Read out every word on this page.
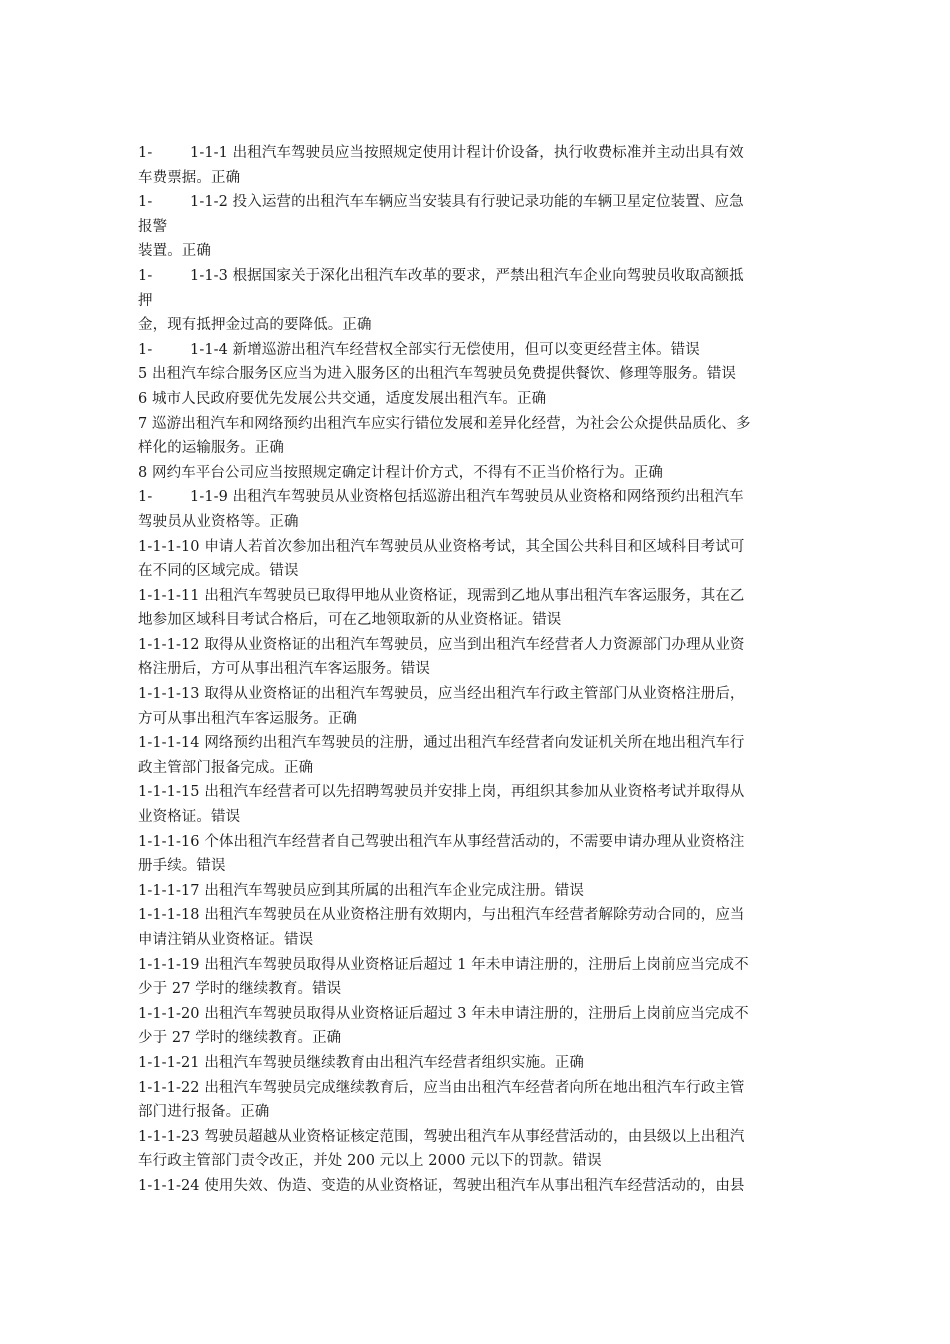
1-        1-1-1 出租汽车驾驶员应当按照规定使用计程计价设备，执行收费标准并主动出具有效
车费票据。正确
1-        1-1-2 投入运营的出租汽车车辆应当安装具有行驶记录功能的车辆卫星定位装置、应急
报警
装置。正确
1-        1-1-3 根据国家关于深化出租汽车改革的要求，严禁出租汽车企业向驾驶员收取高额抵
押
金，现有抵押金过高的要降低。正确
1-        1-1-4 新增巡游出租汽车经营权全部实行无偿使用，但可以变更经营主体。错误
5 出租汽车综合服务区应当为进入服务区的出租汽车驾驶员免费提供餐饮、修理等服务。错误
6 城市人民政府要优先发展公共交通，适度发展出租汽车。正确
7 巡游出租汽车和网络预约出租汽车应实行错位发展和差异化经营，为社会公众提供品质化、多
样化的运输服务。正确
8 网约车平台公司应当按照规定确定计程计价方式，不得有不正当价格行为。正确
1-        1-1-9 出租汽车驾驶员从业资格包括巡游出租汽车驾驶员从业资格和网络预约出租汽车
驾驶员从业资格等。正确
1-1-1-10 申请人若首次参加出租汽车驾驶员从业资格考试，其全国公共科目和区域科目考试可
在不同的区域完成。错误
1-1-1-11 出租汽车驾驶员已取得甲地从业资格证，现需到乙地从事出租汽车客运服务，其在乙
地参加区域科目考试合格后，可在乙地领取新的从业资格证。错误
1-1-1-12 取得从业资格证的出租汽车驾驶员，应当到出租汽车经营者人力资源部门办理从业资
格注册后，方可从事出租汽车客运服务。错误
1-1-1-13 取得从业资格证的出租汽车驾驶员，应当经出租汽车行政主管部门从业资格注册后，
方可从事出租汽车客运服务。正确
1-1-1-14 网络预约出租汽车驾驶员的注册，通过出租汽车经营者向发证机关所在地出租汽车行
政主管部门报备完成。正确
1-1-1-15 出租汽车经营者可以先招聘驾驶员并安排上岗，再组织其参加从业资格考试并取得从
业资格证。错误
1-1-1-16 个体出租汽车经营者自己驾驶出租汽车从事经营活动的，不需要申请办理从业资格注
册手续。错误
1-1-1-17 出租汽车驾驶员应到其所属的出租汽车企业完成注册。错误
1-1-1-18 出租汽车驾驶员在从业资格注册有效期内，与出租汽车经营者解除劳动合同的，应当
申请注销从业资格证。错误
1-1-1-19 出租汽车驾驶员取得从业资格证后超过 1 年未申请注册的，注册后上岗前应当完成不
少于 27 学时的继续教育。错误
1-1-1-20 出租汽车驾驶员取得从业资格证后超过 3 年未申请注册的，注册后上岗前应当完成不
少于 27 学时的继续教育。正确
1-1-1-21 出租汽车驾驶员继续教育由出租汽车经营者组织实施。正确
1-1-1-22 出租汽车驾驶员完成继续教育后，应当由出租汽车经营者向所在地出租汽车行政主管
部门进行报备。正确
1-1-1-23 驾驶员超越从业资格证核定范围，驾驶出租汽车从事经营活动的，由县级以上出租汽
车行政主管部门责令改正，并处 200 元以上 2000 元以下的罚款。错误
1-1-1-24 使用失效、伪造、变造的从业资格证，驾驶出租汽车从事出租汽车经营活动的，由县
